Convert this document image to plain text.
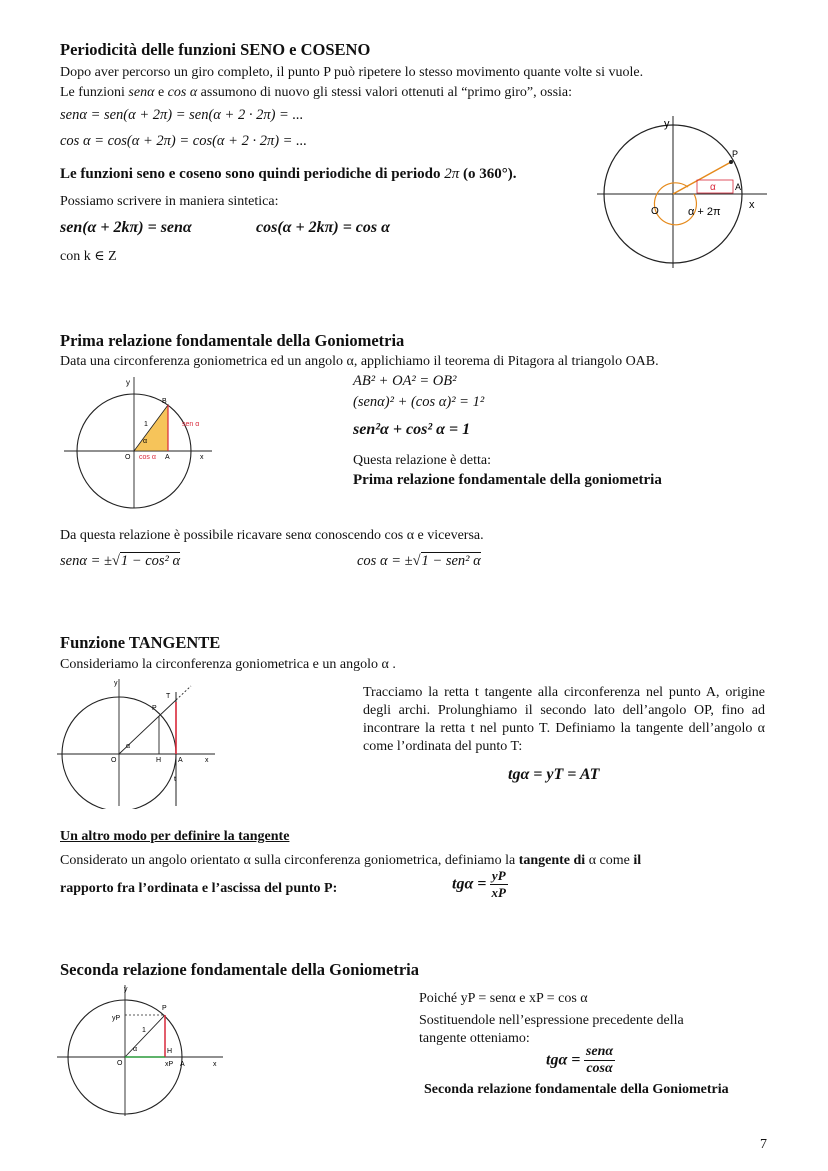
Periodicità delle funzioni SENO e COSENO
Dopo aver percorso un giro completo, il punto P può ripetere lo stesso movimento quante volte si vuole.
Le funzioni senα e cos α assumono di nuovo gli stessi valori ottenuti al “primo giro”, ossia:
senα = sen(α + 2π) = sen(α + 2 · 2π) = ...
cos α = cos(α + 2π) = cos(α + 2 · 2π) = ...
Le funzioni seno e coseno sono quindi periodiche di periodo 2π (o 360°).
Possiamo scrivere in maniera sintetica:
sen(α + 2kπ) = senα	cos(α + 2kπ) = cos α
con k ∈ Z
P
A
O
y
x
α
α + 2π
Prima relazione fondamentale della Goniometria
Data una circonferenza goniometrica ed un angolo α, applichiamo il teorema di Pitagora al triangolo OAB.
AB² + OA² = OB²
(senα)² + (cos α)² = 1²
sen²α + cos² α = 1
Questa relazione è detta:
Prima relazione fondamentale della goniometria
B
1
α
sen α
cos α A
O
y
x
Da questa relazione è possibile ricavare senα conoscendo cos α e viceversa.
senα = ±√1 − cos² α	cos α = ±√1 − sen² α
Funzione TANGENTE
Consideriamo la circonferenza goniometrica e un angolo α .
Tracciamo la retta t tangente alla circonferenza nel punto A, origine degli archi. Prolunghiamo il secondo lato dell’angolo OP, fino ad incontrare la retta t nel punto T. Definiamo la tangente dell’angolo α come l’ordinata del punto T:
tgα = yT = AT
y
T
P
α
O	H A	x
t
Un altro modo per definire la tangente
Considerato un angolo orientato α sulla circonferenza goniometrica, definiamo la tangente di α come il
rapporto fra l’ordinata e l’ascissa del punto P:	$tg\alpha = \frac{yP}{xP}$
Seconda relazione fondamentale della Goniometria
Poiché yP = senα e xP = cos α
Sostituendole nell’espressione precedente della tangente otteniamo:
$tg\alpha = \frac{\text{senα}}{\cos\alpha}$
Seconda relazione fondamentale della Goniometria
y
P
yP
1
α
O
H
xP A	x
7
